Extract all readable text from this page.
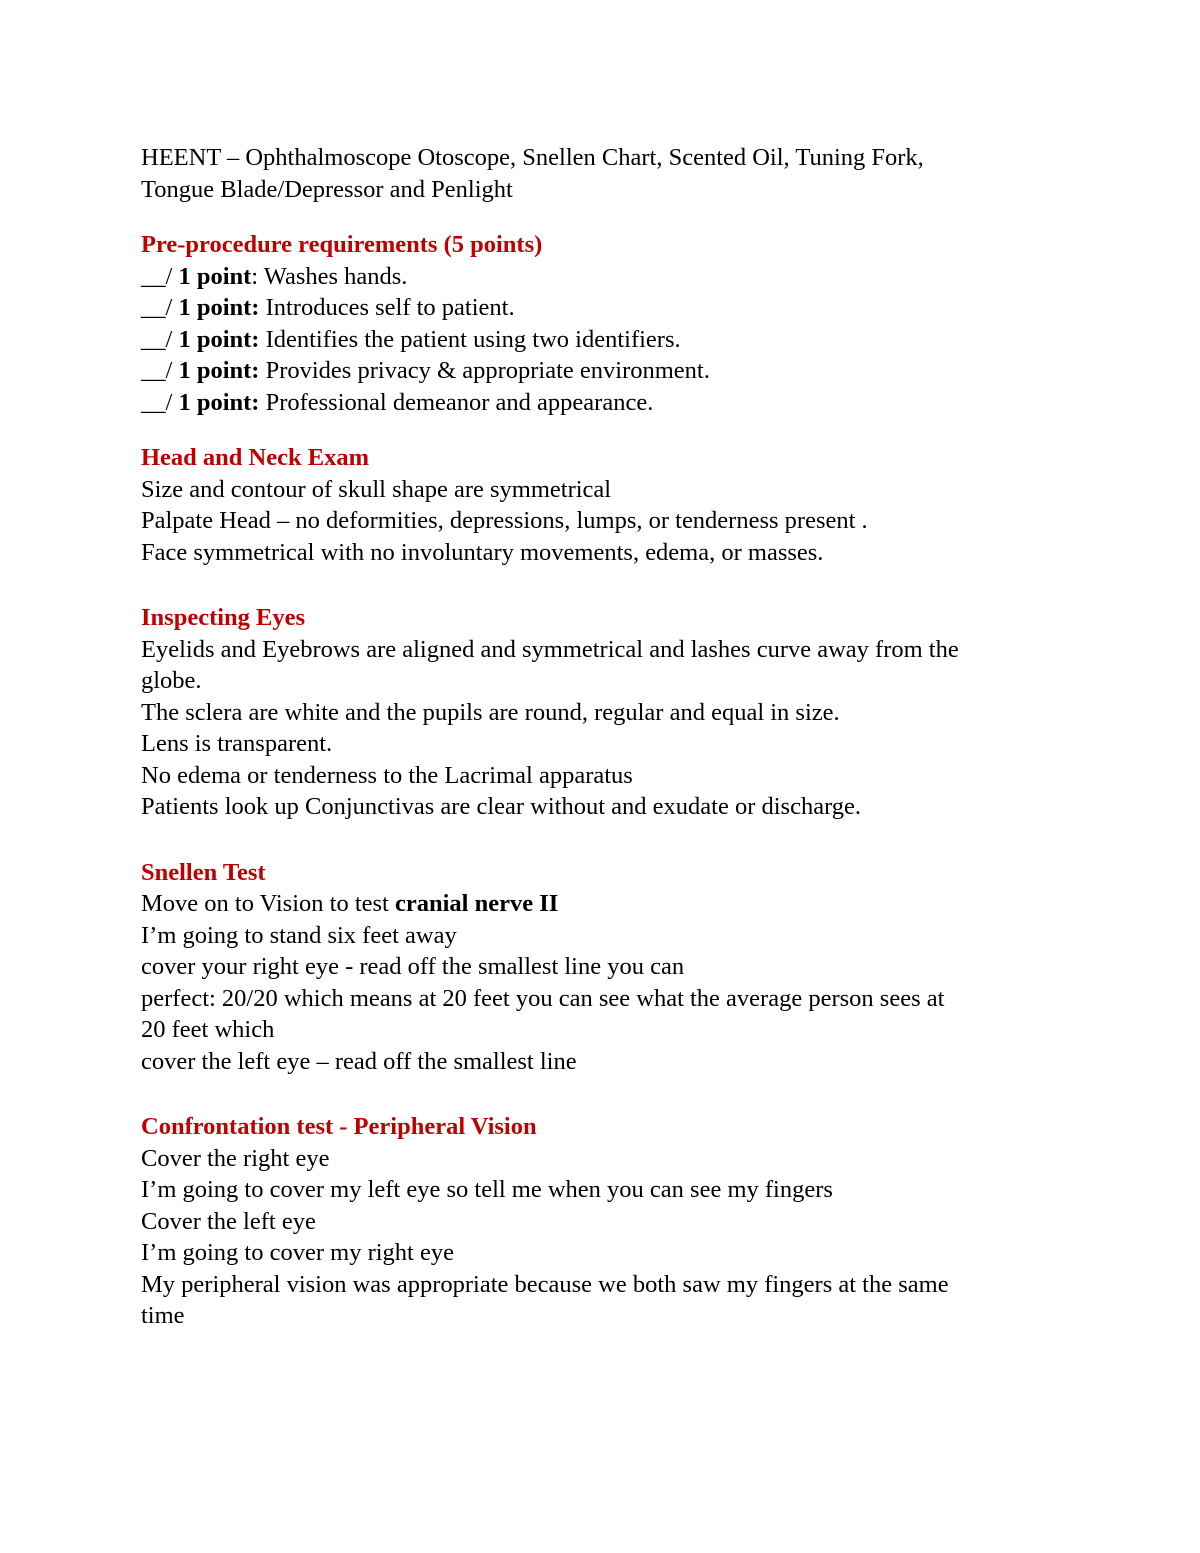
HEENT – Ophthalmoscope Otoscope, Snellen Chart, Scented Oil, Tuning Fork,
Tongue Blade/Depressor and Penlight
Pre-procedure requirements (5 points)
__/ 1 point: Washes hands.
__/ 1 point: Introduces self to patient.
__/ 1 point: Identifies the patient using two identifiers.
__/ 1 point: Provides privacy & appropriate environment.
__/ 1 point: Professional demeanor and appearance.
Head and Neck Exam
Size and contour of skull shape are symmetrical
Palpate Head – no deformities, depressions, lumps, or tenderness present .
Face symmetrical with no involuntary movements, edema, or masses.
Inspecting Eyes
Eyelids and Eyebrows are aligned and symmetrical and lashes curve away from the
globe.
The sclera are white and the pupils are round, regular and equal in size.
Lens is transparent.
No edema or tenderness to the Lacrimal apparatus
Patients look up Conjunctivas are clear without and exudate or discharge.
Snellen Test
Move on to Vision to test cranial nerve II
I’m going to stand six feet away
cover your right eye - read off the smallest line you can
perfect: 20/20 which means at 20 feet you can see what the average person sees at
20 feet which
cover the left eye – read off the smallest line
Confrontation test - Peripheral Vision
Cover the right eye
I’m going to cover my left eye so tell me when you can see my fingers
Cover the left eye
I’m going to cover my right eye
My peripheral vision was appropriate because we both saw my fingers at the same
time
